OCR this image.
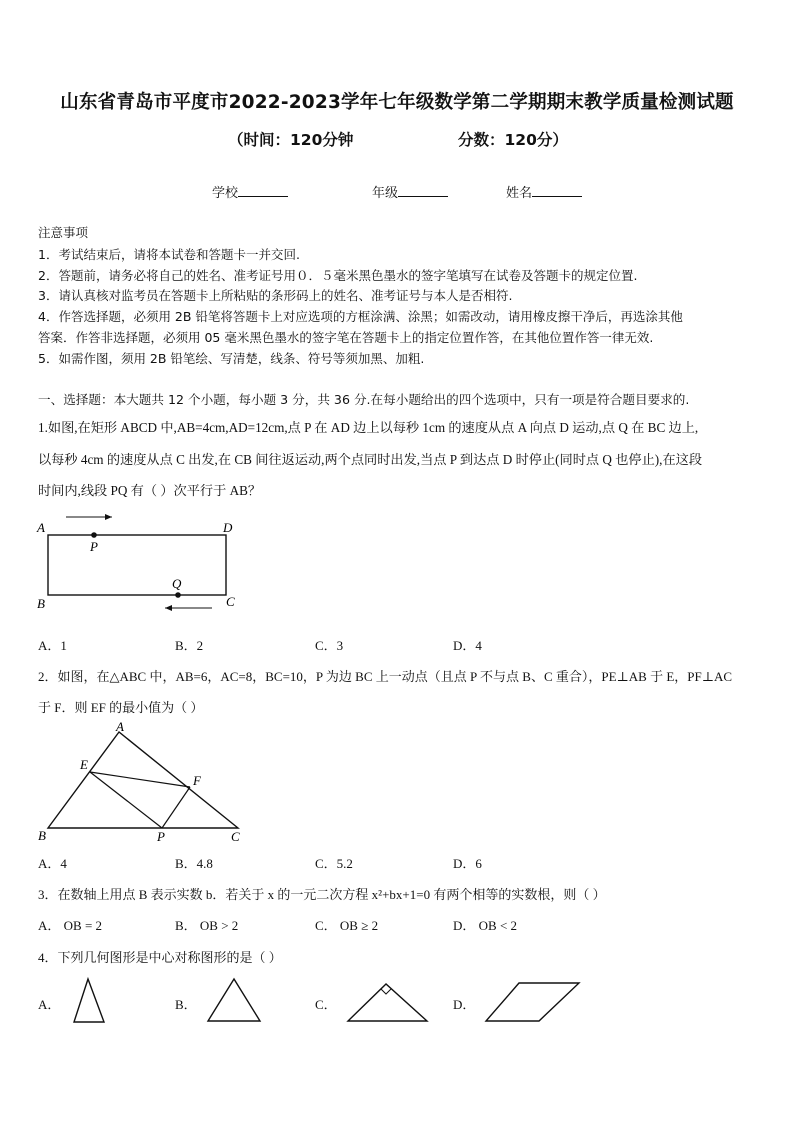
山东省青岛市平度市2022-2023学年七年级数学第二学期期末教学质量检测试题
（时间：120分钟	分数：120分）
学校	年级	姓名
注意事项
1．考试结束后，请将本试卷和答题卡一并交回.
2．答题前，请务必将自己的姓名、准考证号用０．５毫米黑色墨水的签字笔填写在试卷及答题卡的规定位置.
3．请认真核对监考员在答题卡上所粘贴的条形码上的姓名、准考证号与本人是否相符.
4．作答选择题，必须用 2B 铅笔将答题卡上对应选项的方框涂满、涂黑；如需改动，请用橡皮擦干净后，再选涂其他
答案．作答非选择题，必须用 05 毫米黑色墨水的签字笔在答题卡上的指定位置作答，在其他位置作答一律无效.
5．如需作图，须用 2B 铅笔绘、写清楚，线条、符号等须加黑、加粗.
一、选择题：本大题共 12 个小题，每小题 3 分，共 36 分.在每小题给出的四个选项中，只有一项是符合题目要求的.
1.如图,在矩形 ABCD 中,AB=4cm,AD=12cm,点 P 在 AD 边上以每秒 1cm 的速度从点 A 向点 D 运动,点 Q 在 BC 边上,
以每秒 4cm 的速度从点 C 出发,在 CB 间往返运动,两个点同时出发,当点 P 到达点 D 时停止(同时点 Q 也停止),在这段
时间内,线段 PQ 有（ ）次平行于 AB？
A	D
P
Q
B	C
A．1	B．2	C．3	D．4
2．如图，在△ABC 中，AB=6，AC=8，BC=10，P 为边 BC 上一动点（且点 P 不与点 B、C 重合），PE⊥AB 于 E，PF⊥AC
于 F．则 EF 的最小值为（ ）
A
E
F
B	P	C
A．4	B．4.8	C．5.2	D．6
3．在数轴上用点 B 表示实数 b．若关于 x 的一元二次方程 x²+bx+1=0 有两个相等的实数根，则（ ）
A． OB = 2	B． OB > 2	C． OB ≥ 2	D． OB < 2
4．下列几何图形是中心对称图形的是（ ）
A．	B．	C．	D．
